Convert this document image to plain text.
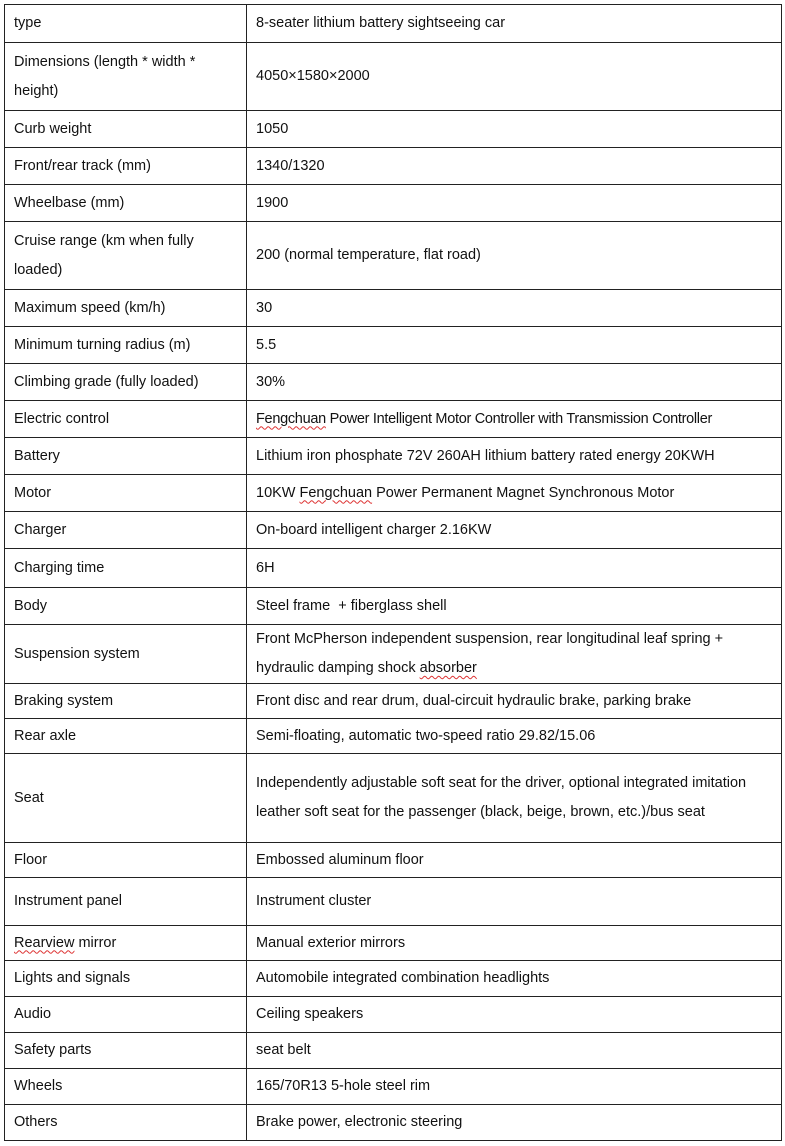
type	8-seater lithium battery sightseeing car
Dimensions (length * width * height)	4050×1580×2000
Curb weight	1050
Front/rear track (mm)	1340/1320
Wheelbase (mm)	1900
Cruise range (km when fully loaded)	200 (normal temperature, flat road)
Maximum speed (km/h)	30
Minimum turning radius (m)	5.5
Climbing grade (fully loaded)	30%
Electric control	Fengchuan Power Intelligent Motor Controller with Transmission Controller
Battery	Lithium iron phosphate 72V 260AH lithium battery rated energy 20KWH
Motor	10KW Fengchuan Power Permanent Magnet Synchronous Motor
Charger	On-board intelligent charger 2.16KW
Charging time	6H
Body	Steel frame  + fiberglass shell
Suspension system	Front McPherson independent suspension, rear longitudinal leaf spring + hydraulic damping shock absorber
Braking system	Front disc and rear drum, dual-circuit hydraulic brake, parking brake
Rear axle	Semi-floating, automatic two-speed ratio 29.82/15.06
Seat	Independently adjustable soft seat for the driver, optional integrated imitation leather soft seat for the passenger (black, beige, brown, etc.)/bus seat
Floor	Embossed aluminum floor
Instrument panel	Instrument cluster
Rearview mirror	Manual exterior mirrors
Lights and signals	Automobile integrated combination headlights
Audio	Ceiling speakers
Safety parts	seat belt
Wheels	165/70R13 5-hole steel rim
Others	Brake power, electronic steering
